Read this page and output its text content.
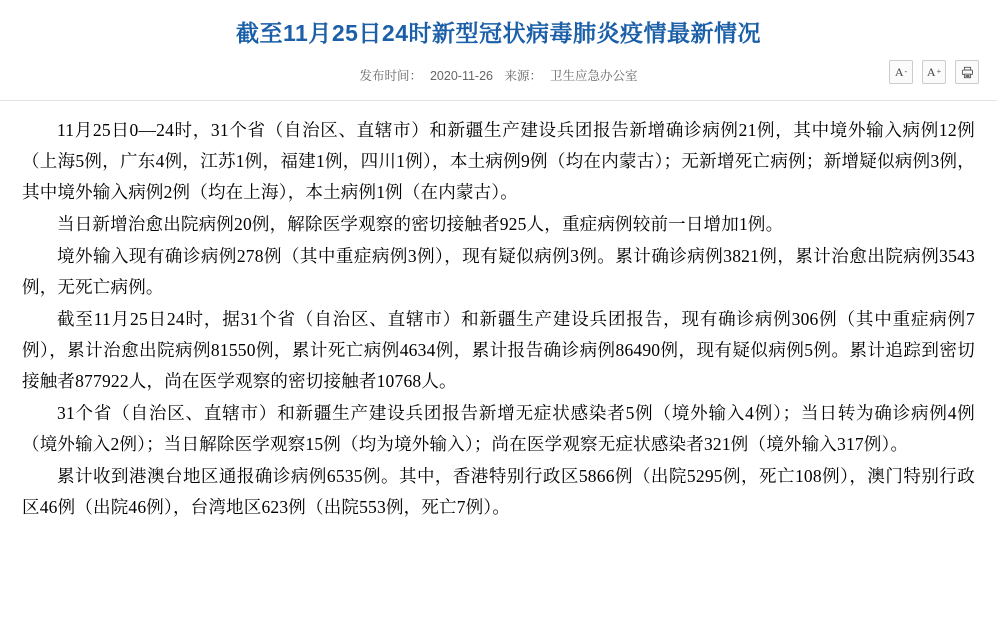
截至11月25日24时新型冠状病毒肺炎疫情最新情况
发布时间： 2020-11-26 来源： 卫生应急办公室	A - A +

11月25日0—24时，31个省（自治区、直辖市）和新疆生产建设兵团报告新增确诊病例21例，其中境外输入病例12例（上海5例，广东4例，江苏1例，福建1例，四川1例），本土病例9例（均在内蒙古）；无新增死亡病例；新增疑似病例3例，其中境外输入病例2例（均在上海），本土病例1例（在内蒙古）。

当日新增治愈出院病例20例，解除医学观察的密切接触者925人，重症病例较前一日增加1例。

境外输入现有确诊病例278例（其中重症病例3例），现有疑似病例3例。累计确诊病例3821例，累计治愈出院病例3543例，无死亡病例。

截至11月25日24时，据31个省（自治区、直辖市）和新疆生产建设兵团报告，现有确诊病例306例（其中重症病例7例），累计治愈出院病例81550例，累计死亡病例4634例，累计报告确诊病例86490例，现有疑似病例5例。累计追踪到密切接触者877922人，尚在医学观察的密切接触者10768人。

31个省（自治区、直辖市）和新疆生产建设兵团报告新增无症状感染者5例（境外输入4例）；当日转为确诊病例4例（境外输入2例）；当日解除医学观察15例（均为境外输入）；尚在医学观察无症状感染者321例（境外输入317例）。

累计收到港澳台地区通报确诊病例6535例。其中，香港特别行政区5866例（出院5295例，死亡108例），澳门特别行政区46例（出院46例），台湾地区623例（出院553例，死亡7例）。
